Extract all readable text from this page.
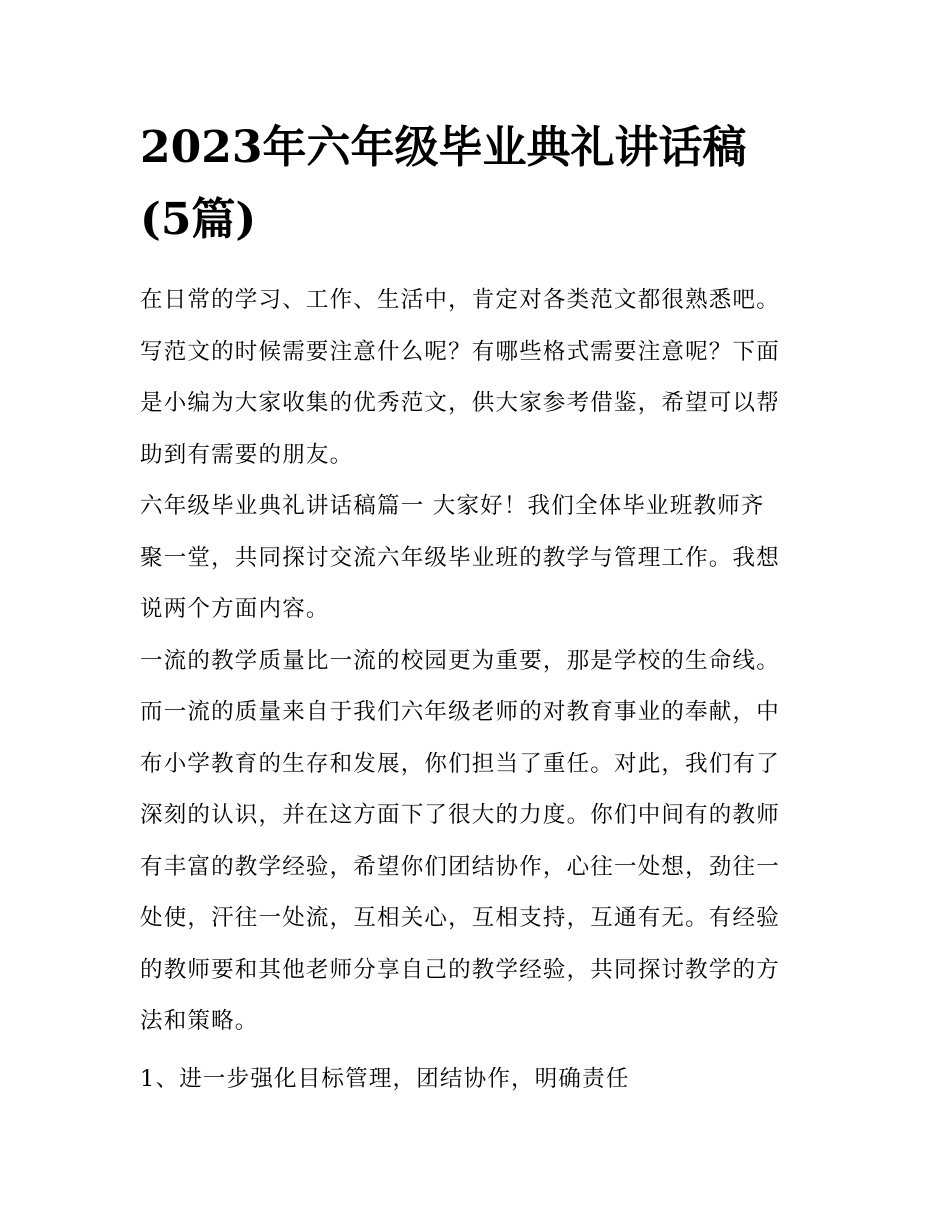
2023年六年级毕业典礼讲话稿
(5篇)

在日常的学习、工作、生活中，肯定对各类范文都很熟悉吧。
写范文的时候需要注意什么呢？有哪些格式需要注意呢？下面
是小编为大家收集的优秀范文，供大家参考借鉴，希望可以帮
助到有需要的朋友。

六年级毕业典礼讲话稿篇一 大家好！我们全体毕业班教师齐
聚一堂，共同探讨交流六年级毕业班的教学与管理工作。我想
说两个方面内容。

一流的教学质量比一流的校园更为重要，那是学校的生命线。
而一流的质量来自于我们六年级老师的对教育事业的奉献，中
布小学教育的生存和发展，你们担当了重任。对此，我们有了
深刻的认识，并在这方面下了很大的力度。你们中间有的教师
有丰富的教学经验，希望你们团结协作，心往一处想，劲往一
处使，汗往一处流，互相关心，互相支持，互通有无。有经验
的教师要和其他老师分享自己的教学经验，共同探讨教学的方
法和策略。

1、进一步强化目标管理，团结协作，明确责任
